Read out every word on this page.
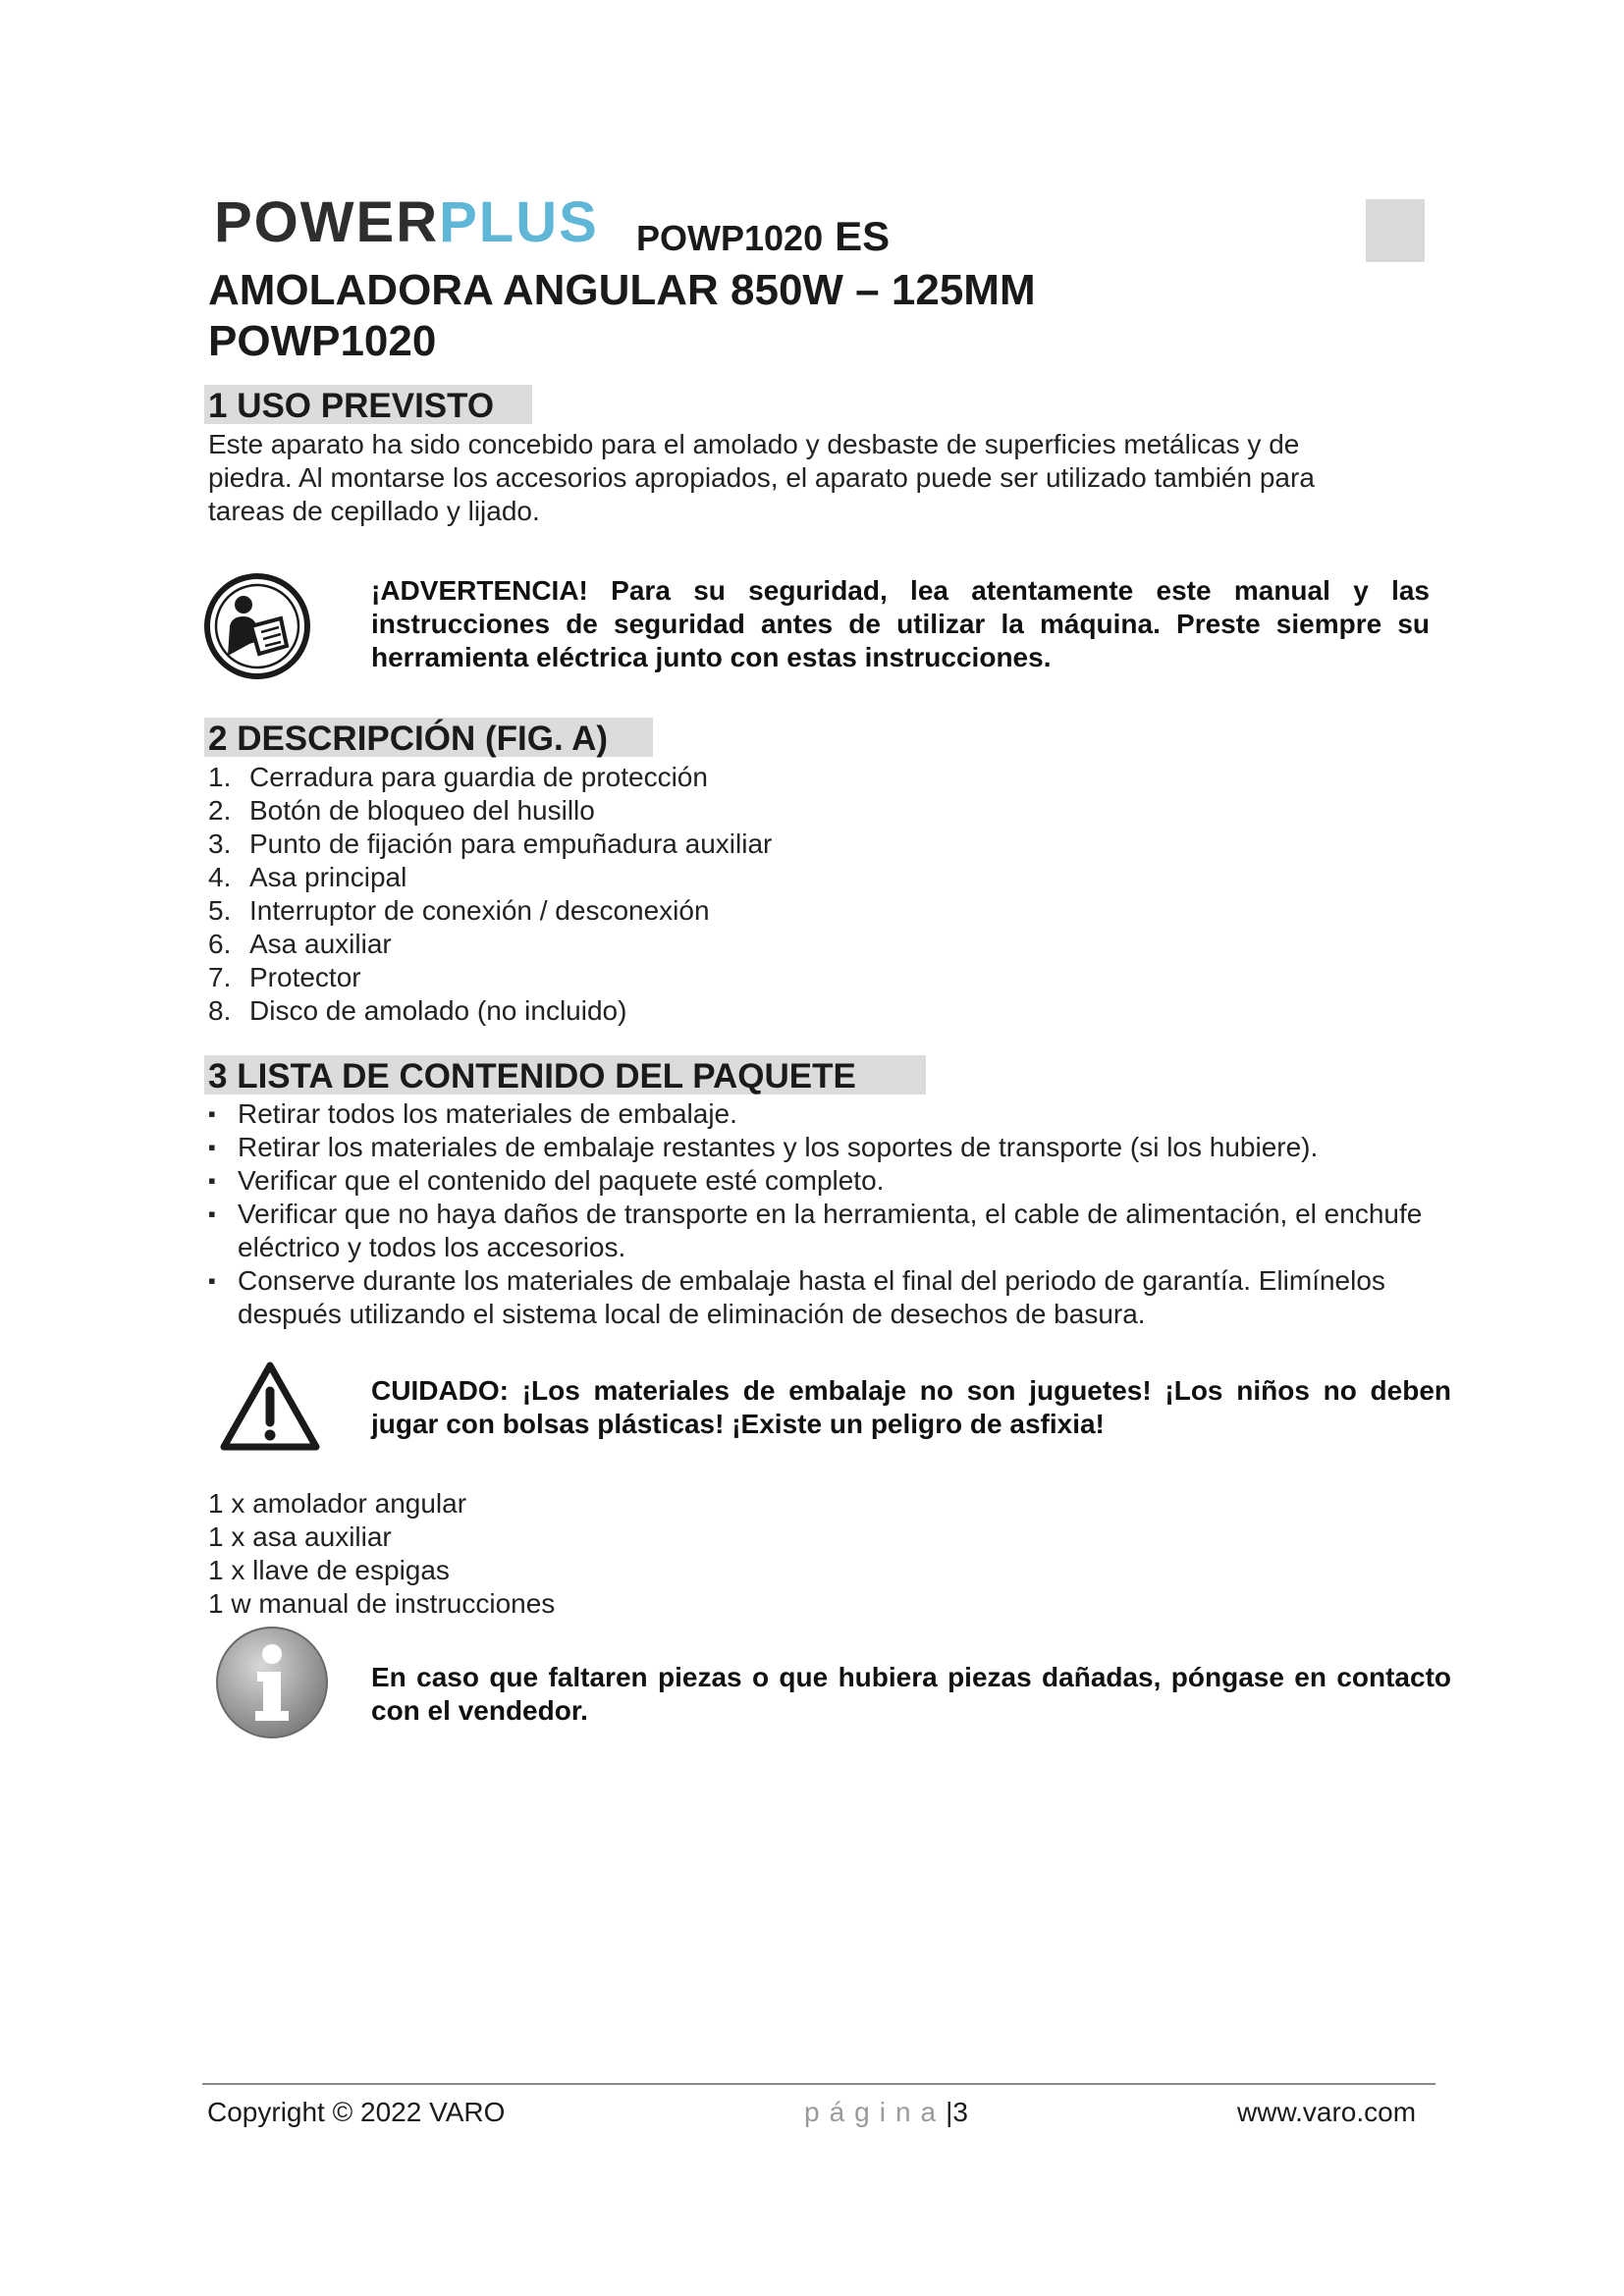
POWERPLUS POWP1020 ES
AMOLADORA ANGULAR 850W – 125MM
POWP1020
1 USO PREVISTO
Este aparato ha sido concebido para el amolado y desbaste de superficies metálicas y de
piedra. Al montarse los accesorios apropiados, el aparato puede ser utilizado también para
tareas de cepillado y lijado.
¡ADVERTENCIA! Para su seguridad, lea atentamente este manual y las instrucciones de seguridad antes de utilizar la máquina. Preste siempre su herramienta eléctrica junto con estas instrucciones.
2 DESCRIPCIÓN (FIG. A)
1. Cerradura para guardia de protección
2. Botón de bloqueo del husillo
3. Punto de fijación para empuñadura auxiliar
4. Asa principal
5. Interruptor de conexión / desconexión
6. Asa auxiliar
7. Protector
8. Disco de amolado (no incluido)
3 LISTA DE CONTENIDO DEL PAQUETE
▪ Retirar todos los materiales de embalaje.
▪ Retirar los materiales de embalaje restantes y los soportes de transporte (si los hubiere).
▪ Verificar que el contenido del paquete esté completo.
▪ Verificar que no haya daños de transporte en la herramienta, el cable de alimentación, el enchufe eléctrico y todos los accesorios.
▪ Conserve durante los materiales de embalaje hasta el final del periodo de garantía. Elimínelos después utilizando el sistema local de eliminación de desechos de basura.
CUIDADO: ¡Los materiales de embalaje no son juguetes! ¡Los niños no deben jugar con bolsas plásticas! ¡Existe un peligro de asfixia!
1 x amolador angular
1 x asa auxiliar
1 x llave de espigas
1 w manual de instrucciones
En caso que faltaren piezas o que hubiera piezas dañadas, póngase en contacto con el vendedor.
Copyright © 2022 VARO	página|3	www.varo.com
